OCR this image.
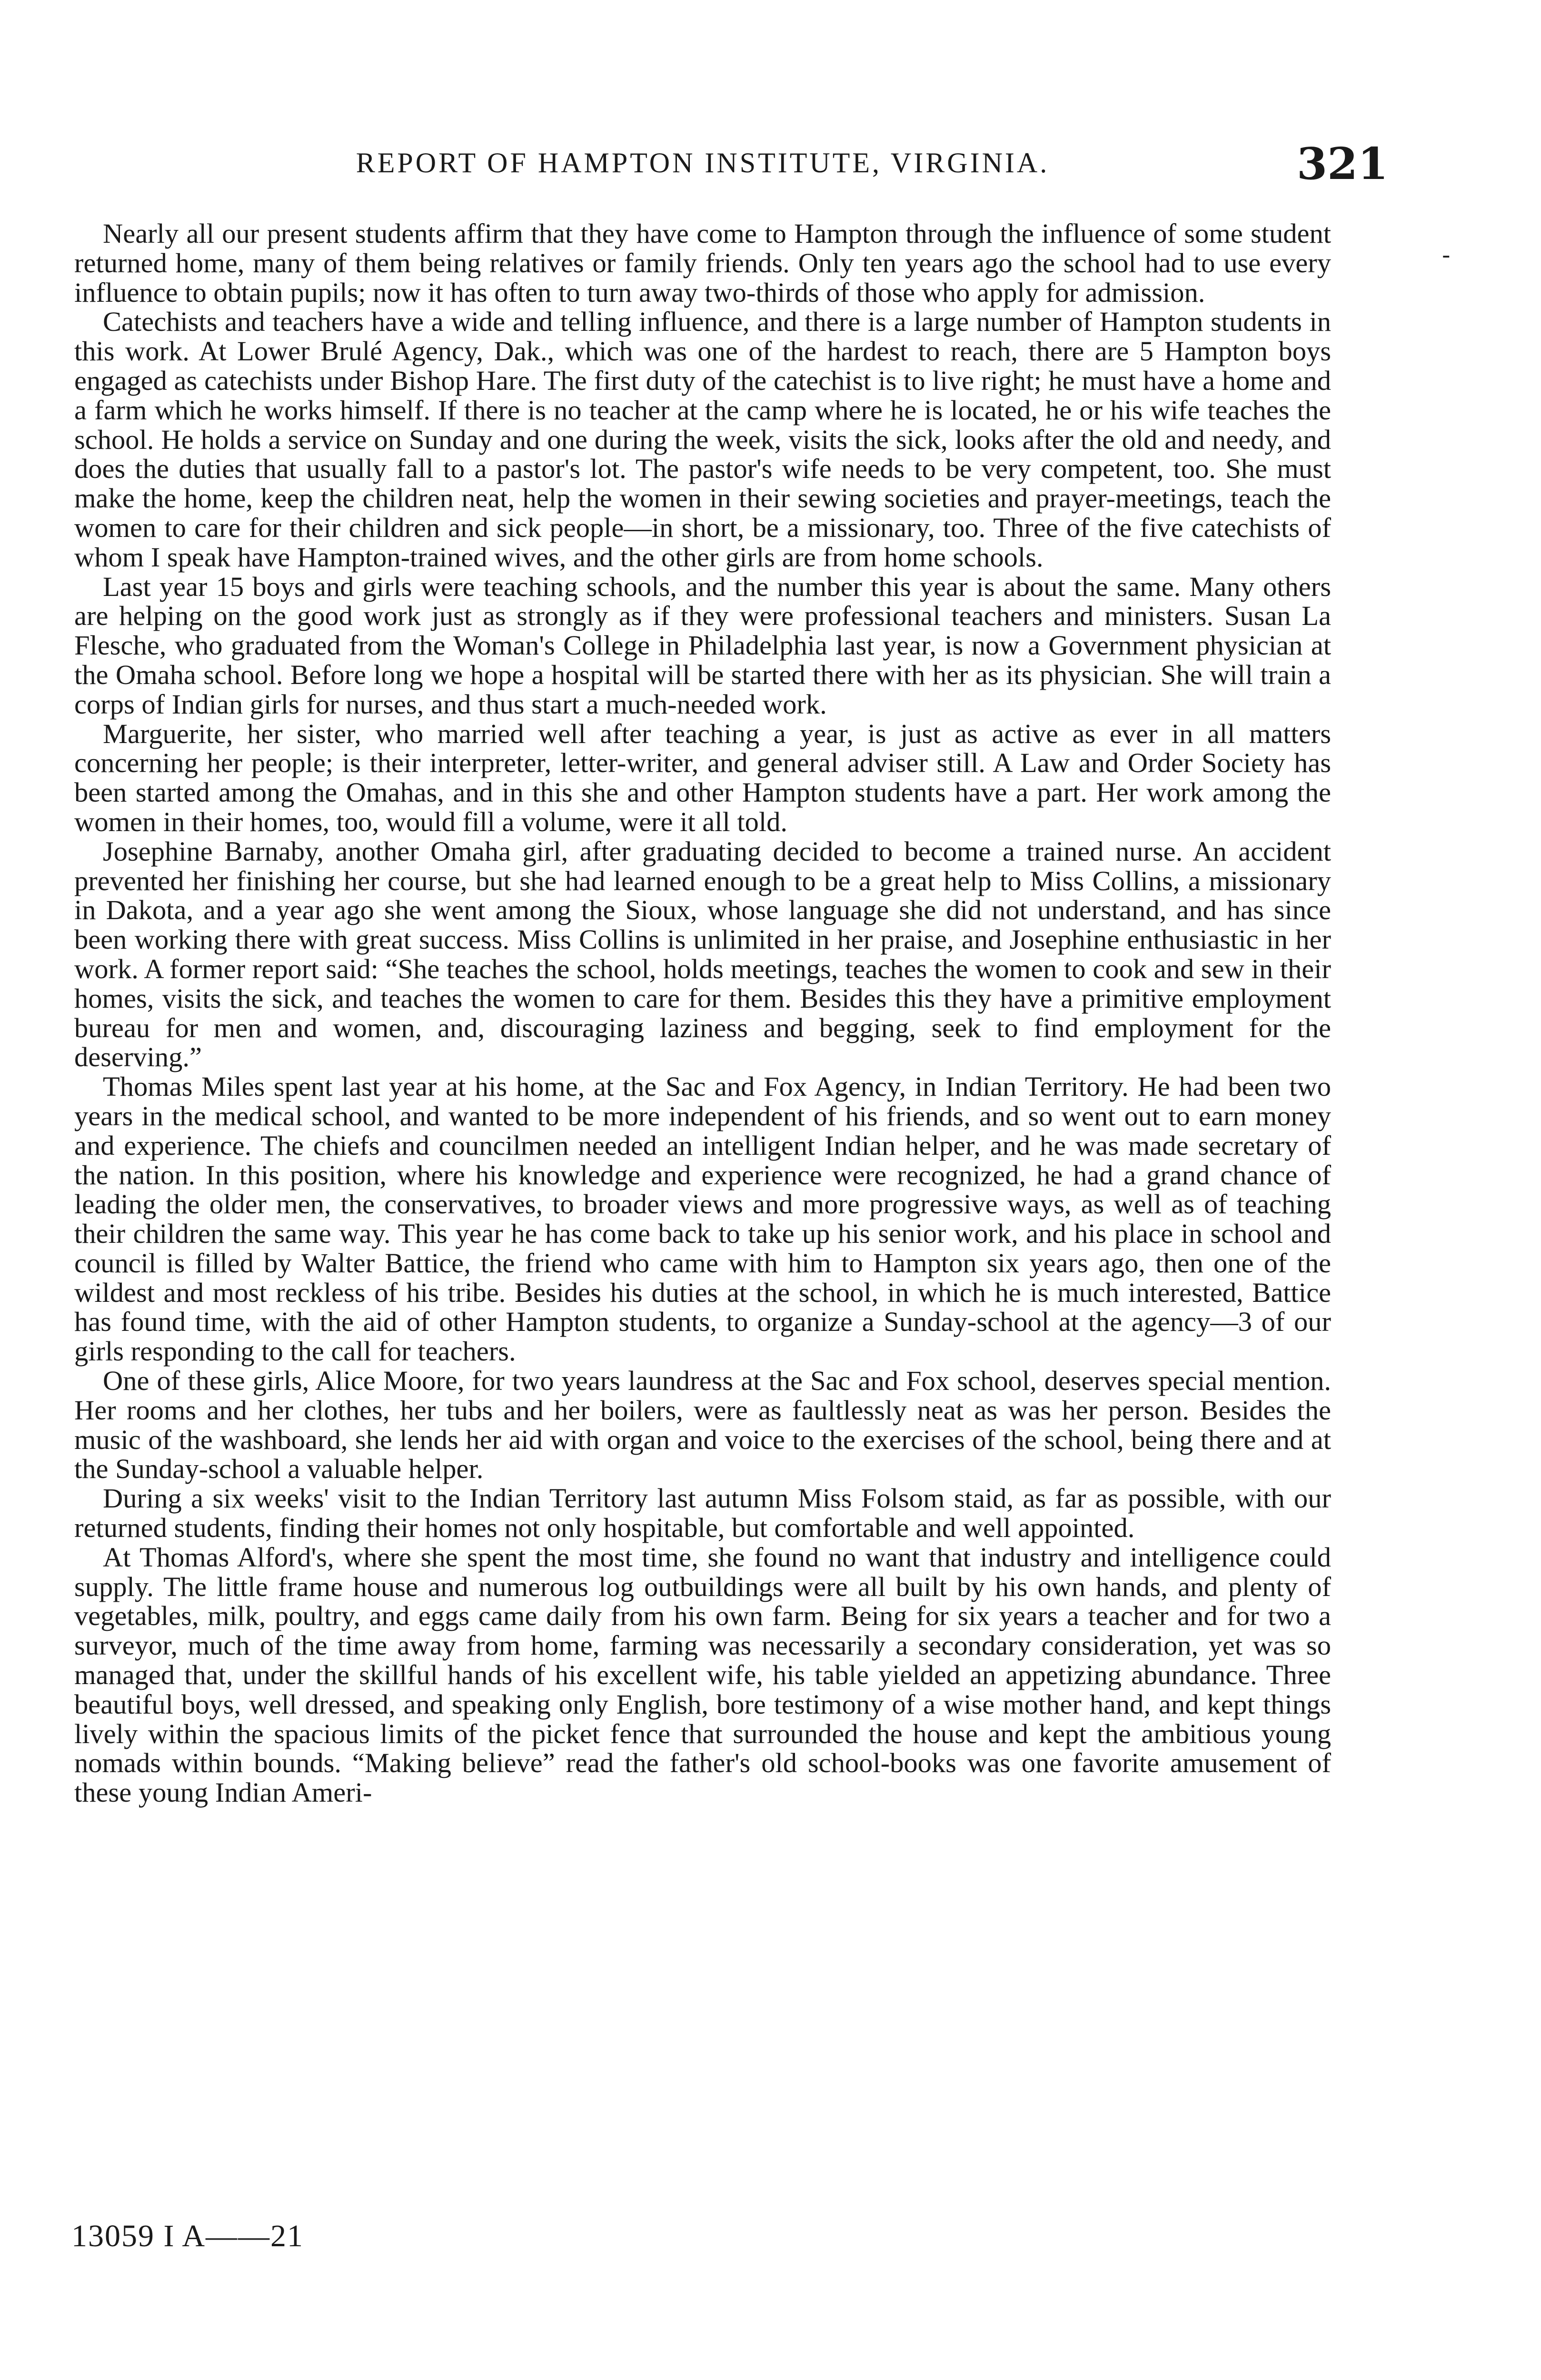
REPORT OF HAMPTON INSTITUTE, VIRGINIA.	321
-

Nearly all our present students affirm that they have come to Hampton through the influence of some student returned home, many of them being relatives or family friends. Only ten years ago the school had to use every influence to obtain pupils; now it has often to turn away two-thirds of those who apply for admission.

Catechists and teachers have a wide and telling influence, and there is a large number of Hampton students in this work. At Lower Brulé Agency, Dak., which was one of the hardest to reach, there are 5 Hampton boys engaged as catechists under Bishop Hare. The first duty of the catechist is to live right; he must have a home and a farm which he works himself. If there is no teacher at the camp where he is located, he or his wife teaches the school. He holds a service on Sunday and one during the week, visits the sick, looks after the old and needy, and does the duties that usually fall to a pastor's lot. The pastor's wife needs to be very competent, too. She must make the home, keep the children neat, help the women in their sewing societies and prayer-meetings, teach the women to care for their children and sick people—in short, be a missionary, too. Three of the five catechists of whom I speak have Hampton-trained wives, and the other girls are from home schools.

Last year 15 boys and girls were teaching schools, and the number this year is about the same. Many others are helping on the good work just as strongly as if they were professional teachers and ministers. Susan La Flesche, who graduated from the Woman's College in Philadelphia last year, is now a Government physician at the Omaha school. Before long we hope a hospital will be started there with her as its physician. She will train a corps of Indian girls for nurses, and thus start a much-needed work.

Marguerite, her sister, who married well after teaching a year, is just as active as ever in all matters concerning her people; is their interpreter, letter-writer, and general adviser still. A Law and Order Society has been started among the Omahas, and in this she and other Hampton students have a part. Her work among the women in their homes, too, would fill a volume, were it all told.

Josephine Barnaby, another Omaha girl, after graduating decided to become a trained nurse. An accident prevented her finishing her course, but she had learned enough to be a great help to Miss Collins, a missionary in Dakota, and a year ago she went among the Sioux, whose language she did not understand, and has since been working there with great success. Miss Collins is unlimited in her praise, and Josephine enthusiastic in her work. A former report said: “She teaches the school, holds meetings, teaches the women to cook and sew in their homes, visits the sick, and teaches the women to care for them. Besides this they have a primitive employment bureau for men and women, and, discouraging laziness and begging, seek to find employment for the deserving.”

Thomas Miles spent last year at his home, at the Sac and Fox Agency, in Indian Territory. He had been two years in the medical school, and wanted to be more independent of his friends, and so went out to earn money and experience. The chiefs and councilmen needed an intelligent Indian helper, and he was made secretary of the nation. In this position, where his knowledge and experience were recognized, he had a grand chance of leading the older men, the conservatives, to broader views and more progressive ways, as well as of teaching their children the same way. This year he has come back to take up his senior work, and his place in school and council is filled by Walter Battice, the friend who came with him to Hampton six years ago, then one of the wildest and most reckless of his tribe. Besides his duties at the school, in which he is much interested, Battice has found time, with the aid of other Hampton students, to organize a Sunday-school at the agency—3 of our girls responding to the call for teachers.

One of these girls, Alice Moore, for two years laundress at the Sac and Fox school, deserves special mention. Her rooms and her clothes, her tubs and her boilers, were as faultlessly neat as was her person. Besides the music of the washboard, she lends her aid with organ and voice to the exercises of the school, being there and at the Sunday-school a valuable helper.

During a six weeks' visit to the Indian Territory last autumn Miss Folsom staid, as far as possible, with our returned students, finding their homes not only hospitable, but comfortable and well appointed.

At Thomas Alford's, where she spent the most time, she found no want that industry and intelligence could supply. The little frame house and numerous log outbuildings were all built by his own hands, and plenty of vegetables, milk, poultry, and eggs came daily from his own farm. Being for six years a teacher and for two a surveyor, much of the time away from home, farming was necessarily a secondary consideration, yet was so managed that, under the skillful hands of his excellent wife, his table yielded an appetizing abundance. Three beautiful boys, well dressed, and speaking only English, bore testimony of a wise mother hand, and kept things lively within the spacious limits of the picket fence that surrounded the house and kept the ambitious young nomads within bounds. “Making believe” read the father's old school-books was one favorite amusement of these young Indian Ameri-

13059 I A——21
